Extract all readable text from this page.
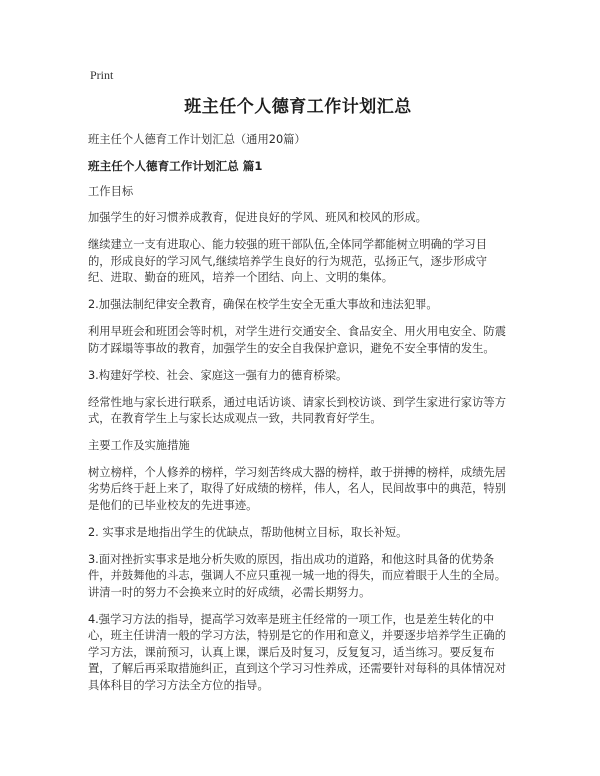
Print
班主任个人德育工作计划汇总
班主任个人德育工作计划汇总（通用20篇）
班主任个人德育工作计划汇总 篇1
工作目标
加强学生的好习惯养成教育，促进良好的学风、班风和校风的形成。
继续建立一支有进取心、能力较强的班干部队伍,全体同学都能树立明确的学习目的，形成良好的学习风气,继续培养学生良好的行为规范，弘扬正气，逐步形成守纪、进取、勤奋的班风，培养一个团结、向上、文明的集体。
2.加强法制纪律安全教育，确保在校学生安全无重大事故和违法犯罪。
利用早班会和班团会等时机，对学生进行交通安全、食品安全、用火用电安全、防震防才踩塌等事故的教育，加强学生的安全自我保护意识，避免不安全事情的发生。
3.构建好学校、社会、家庭这一强有力的德育桥梁。
经常性地与家长进行联系，通过电话访谈、请家长到校访谈、到学生家进行家访等方式，在教育学生上与家长达成观点一致，共同教育好学生。
主要工作及实施措施
树立榜样，个人修养的榜样，学习刻苦终成大器的榜样，敢于拼搏的榜样，成绩先居劣势后终于赶上来了，取得了好成绩的榜样，伟人，名人，民间故事中的典范，特别是他们的已毕业校友的先进事迹。
2. 实事求是地指出学生的优缺点，帮助他树立目标，取长补短。
3.面对挫折实事求是地分析失败的原因，指出成功的道路，和他这时具备的优势条件，并鼓舞他的斗志，强调人不应只重视一城一地的得失，而应着眼于人生的全局。讲清一时的努力不会换来立时的好成绩，必需长期努力。
4.强学习方法的指导，提高学习效率是班主任经常的一项工作，也是差生转化的中心，班主任讲清一般的学习方法，特别是它的作用和意义，并要逐步培养学生正确的学习方法，课前预习，认真上课，课后及时复习，反复复习，适当练习。要反复布置，了解后再采取措施纠正，直到这个学习习性养成，还需要针对每科的具体情况对具体科目的学习方法全方位的指导。
